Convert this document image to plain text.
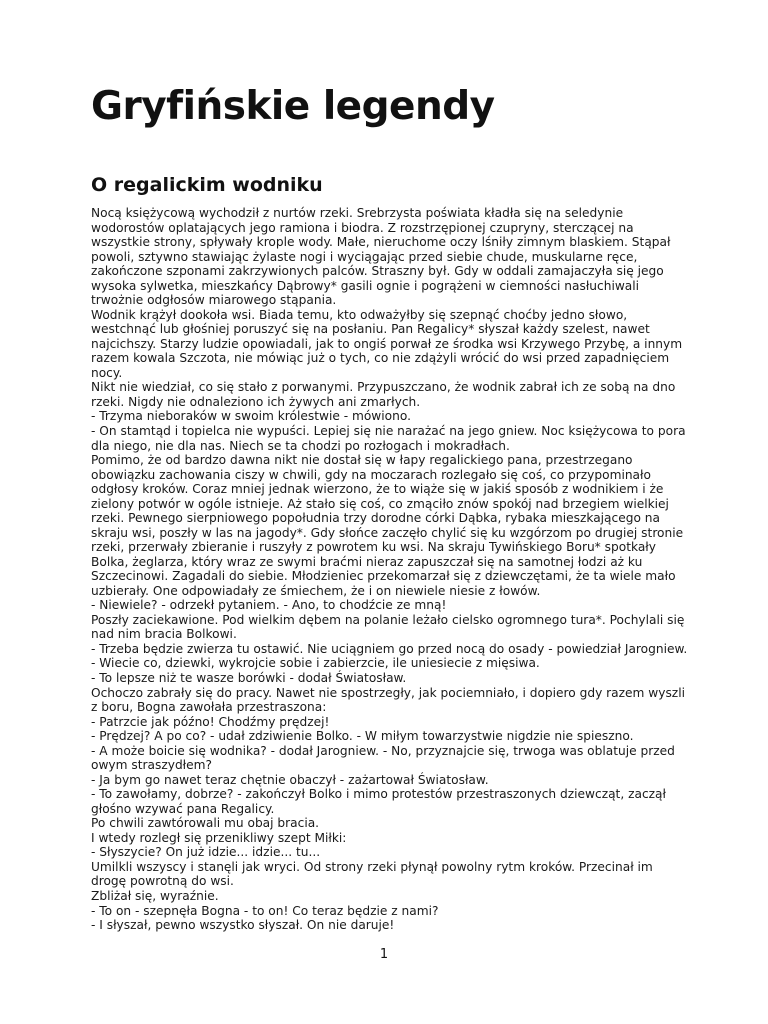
Gryfińskie legendy
O regalickim wodniku

Nocą księżycową wychodził z nurtów rzeki. Srebrzysta poświata kładła się na seledynie wodorostów oplatających jego ramiona i biodra. Z rozstrzępionej czupryny, sterczącej na wszystkie strony, spływały krople wody. Małe, nieruchome oczy lśniły zimnym blaskiem. Stąpał powoli, sztywno stawiając żylaste nogi i wyciągając przed siebie chude, muskularne ręce, zakończone szponami zakrzywionych palców. Straszny był. Gdy w oddali zamajaczyła się jego wysoka sylwetka, mieszkańcy Dąbrowy* gasili ognie i pogrążeni w ciemności nasłuchiwali trwożnie odgłosów miarowego stąpania.

Wodnik krążył dookoła wsi. Biada temu, kto odważyłby się szepnąć choćby jedno słowo, westchnąć lub głośniej poruszyć się na posłaniu. Pan Regalicy* słyszał każdy szelest, nawet najcichszy. Starzy ludzie opowiadali, jak to ongiś porwał ze środka wsi Krzywego Przybę, a innym razem kowala Szczota, nie mówiąc już o tych, co nie zdążyli wrócić do wsi przed zapadnięciem nocy.

Nikt nie wiedział, co się stało z porwanymi. Przypuszczano, że wodnik zabrał ich ze sobą na dno rzeki. Nigdy nie odnaleziono ich żywych ani zmarłych.

- Trzyma nieboraków w swoim królestwie - mówiono.

- On stamtąd i topielca nie wypuści. Lepiej się nie narażać na jego gniew. Noc księżycowa to pora dla niego, nie dla nas. Niech se ta chodzi po rozłogach i mokradłach.

Pomimo, że od bardzo dawna nikt nie dostał się w łapy regalickiego pana, przestrzegano obowiązku zachowania ciszy w chwili, gdy na moczarach rozlegało się coś, co przypominało odgłosy kroków. Coraz mniej jednak wierzono, że to wiąże się w jakiś sposób z wodnikiem i że zielony potwór w ogóle istnieje. Aż stało się coś, co zmąciło znów spokój nad brzegiem wielkiej rzeki. Pewnego sierpniowego popołudnia trzy dorodne córki Dąbka, rybaka mieszkającego na skraju wsi, poszły w las na jagody*. Gdy słońce zaczęło chylić się ku wzgórzom po drugiej stronie rzeki, przerwały zbieranie i ruszyły z powrotem ku wsi. Na skraju Tywińskiego Boru* spotkały Bolka, żeglarza, który wraz ze swymi braćmi nieraz zapuszczał się na samotnej łodzi aż ku Szczecinowi. Zagadali do siebie. Młodzieniec przekomarzał się z dziewczętami, że ta wiele mało uzbierały. One odpowiadały ze śmiechem, że i on niewiele niesie z łowów.

- Niewiele? - odrzekł pytaniem. - Ano, to chodźcie ze mną!

Poszły zaciekawione. Pod wielkim dębem na polanie leżało cielsko ogromnego tura*. Pochylali się nad nim bracia Bolkowi.

- Trzeba będzie zwierza tu ostawić. Nie uciągniem go przed nocą do osady - powiedział Jarogniew. - Wiecie co, dziewki, wykrojcie sobie i zabierzcie, ile uniesiecie z mięsiwa.

- To lepsze niż te wasze borówki - dodał Światosław.

Ochoczo zabrały się do pracy. Nawet nie spostrzegły, jak pociemniało, i dopiero gdy razem wyszli z boru, Bogna zawołała przestraszona:

- Patrzcie jak późno! Chodźmy prędzej!

- Prędzej? A po co? - udał zdziwienie Bolko. - W miłym towarzystwie nigdzie nie spieszno.

- A może boicie się wodnika? - dodał Jarogniew. - No, przyznajcie się, trwoga was oblatuje przed owym straszydłem?

- Ja bym go nawet teraz chętnie obaczył - zażartował Światosław.

- To zawołamy, dobrze? - zakończył Bolko i mimo protestów przestraszonych dziewcząt, zaczął głośno wzywać pana Regalicy.

Po chwili zawtórowali mu obaj bracia.

I wtedy rozległ się przenikliwy szept Miłki:

- Słyszycie? On już idzie... idzie... tu...

Umilkli wszyscy i stanęli jak wryci. Od strony rzeki płynął powolny rytm kroków. Przecinał im drogę powrotną do wsi.

Zbliżał się, wyraźnie.

- To on - szepnęła Bogna - to on! Co teraz będzie z nami?

- I słyszał, pewno wszystko słyszał. On nie daruje!

1
